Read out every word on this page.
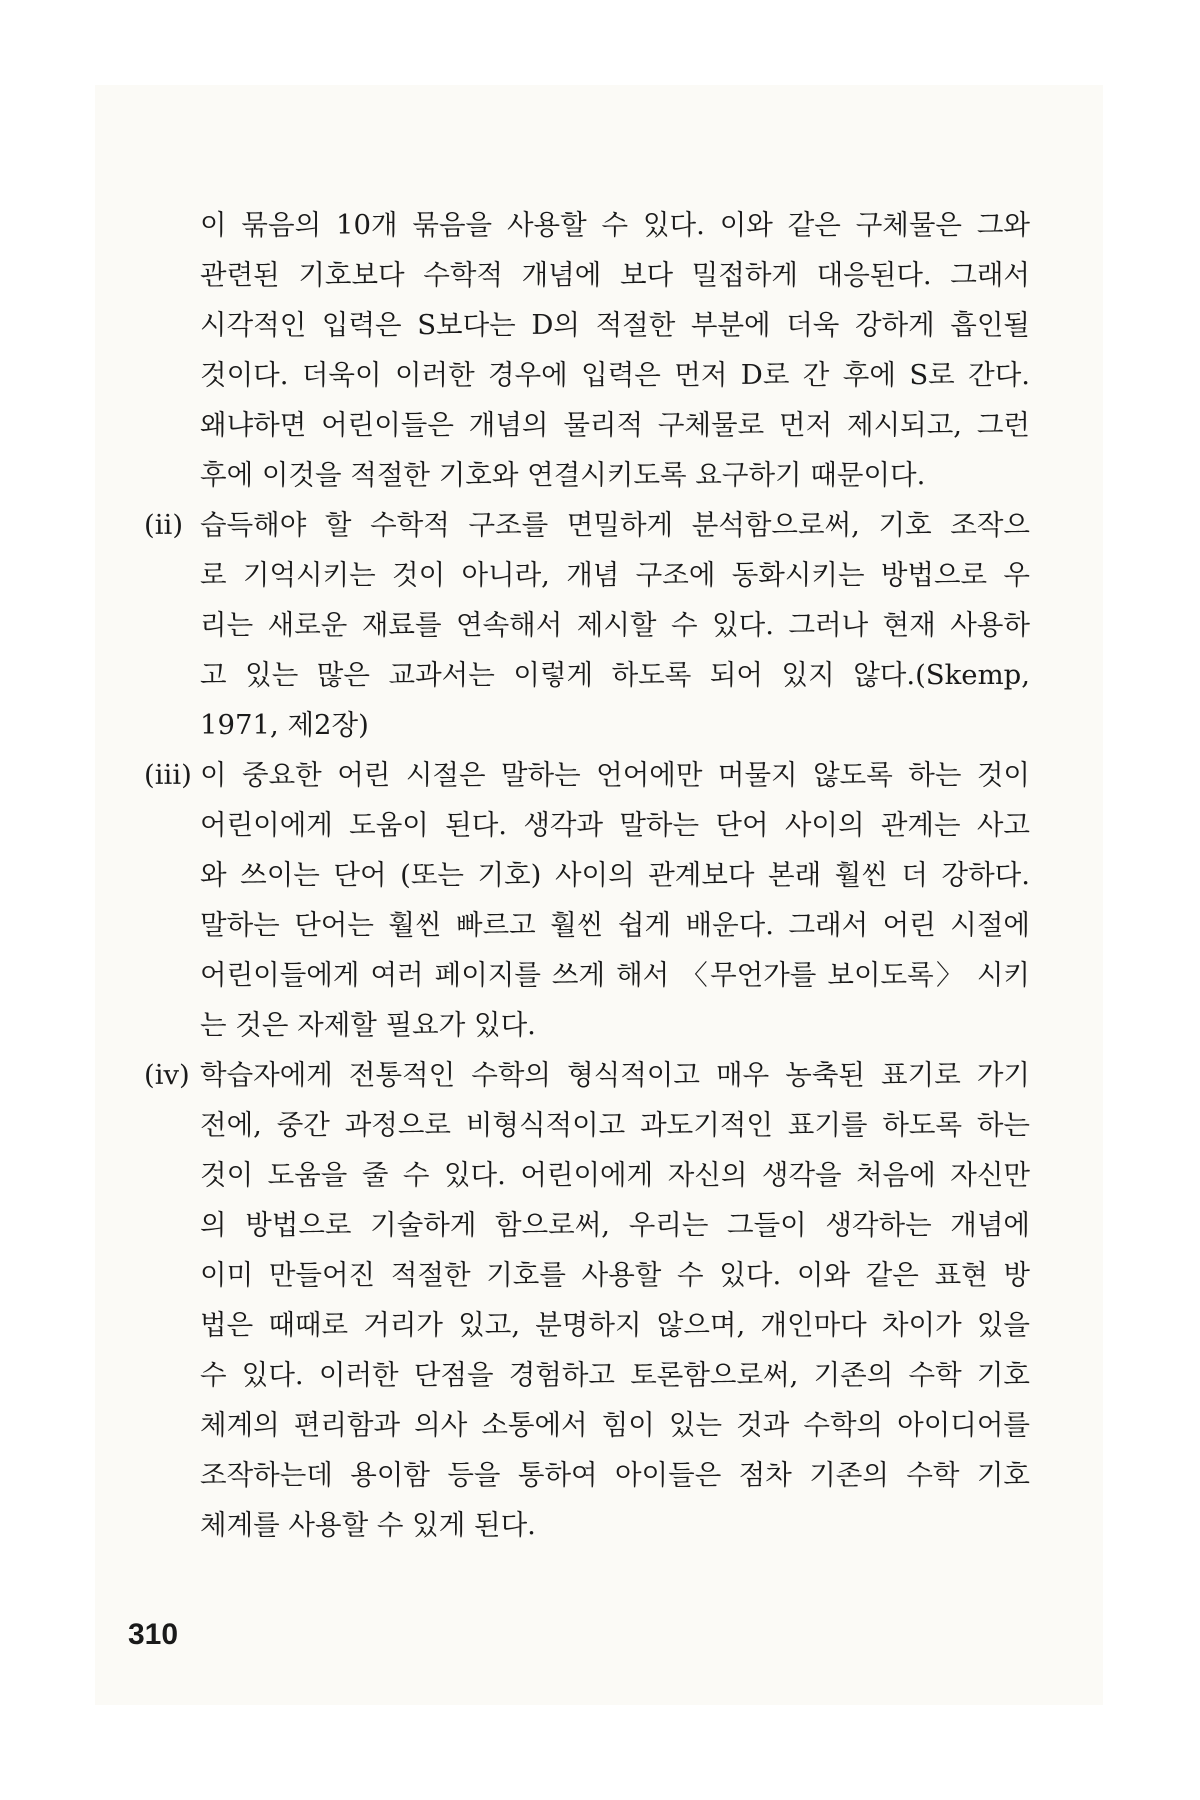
이 묶음의 10개 묶음을 사용할 수 있다. 이와 같은 구체물은 그와
관련된 기호보다 수학적 개념에 보다 밀접하게 대응된다. 그래서
시각적인 입력은 S보다는 D의 적절한 부분에 더욱 강하게 흡인될
것이다. 더욱이 이러한 경우에 입력은 먼저 D로 간 후에 S로 간다.
왜냐하면 어린이들은 개념의 물리적 구체물로 먼저 제시되고, 그런
후에 이것을 적절한 기호와 연결시키도록 요구하기 때문이다.
(ii) 습득해야 할 수학적 구조를 면밀하게 분석함으로써, 기호 조작으
로 기억시키는 것이 아니라, 개념 구조에 동화시키는 방법으로 우
리는 새로운 재료를 연속해서 제시할 수 있다. 그러나 현재 사용하
고 있는 많은 교과서는 이렇게 하도록 되어 있지 않다.(Skemp,
1971, 제2장)
(iii) 이 중요한 어린 시절은 말하는 언어에만 머물지 않도록 하는 것이
어린이에게 도움이 된다. 생각과 말하는 단어 사이의 관계는 사고
와 쓰이는 단어 (또는 기호) 사이의 관계보다 본래 훨씬 더 강하다.
말하는 단어는 훨씬 빠르고 훨씬 쉽게 배운다. 그래서 어린 시절에
어린이들에게 여러 페이지를 쓰게 해서 〈무언가를 보이도록〉 시키
는 것은 자제할 필요가 있다.
(iv) 학습자에게 전통적인 수학의 형식적이고 매우 농축된 표기로 가기
전에, 중간 과정으로 비형식적이고 과도기적인 표기를 하도록 하는
것이 도움을 줄 수 있다. 어린이에게 자신의 생각을 처음에 자신만
의 방법으로 기술하게 함으로써, 우리는 그들이 생각하는 개념에
이미 만들어진 적절한 기호를 사용할 수 있다. 이와 같은 표현 방
법은 때때로 거리가 있고, 분명하지 않으며, 개인마다 차이가 있을
수 있다. 이러한 단점을 경험하고 토론함으로써, 기존의 수학 기호
체계의 편리함과 의사 소통에서 힘이 있는 것과 수학의 아이디어를
조작하는데 용이함 등을 통하여 아이들은 점차 기존의 수학 기호
체계를 사용할 수 있게 된다.
310
